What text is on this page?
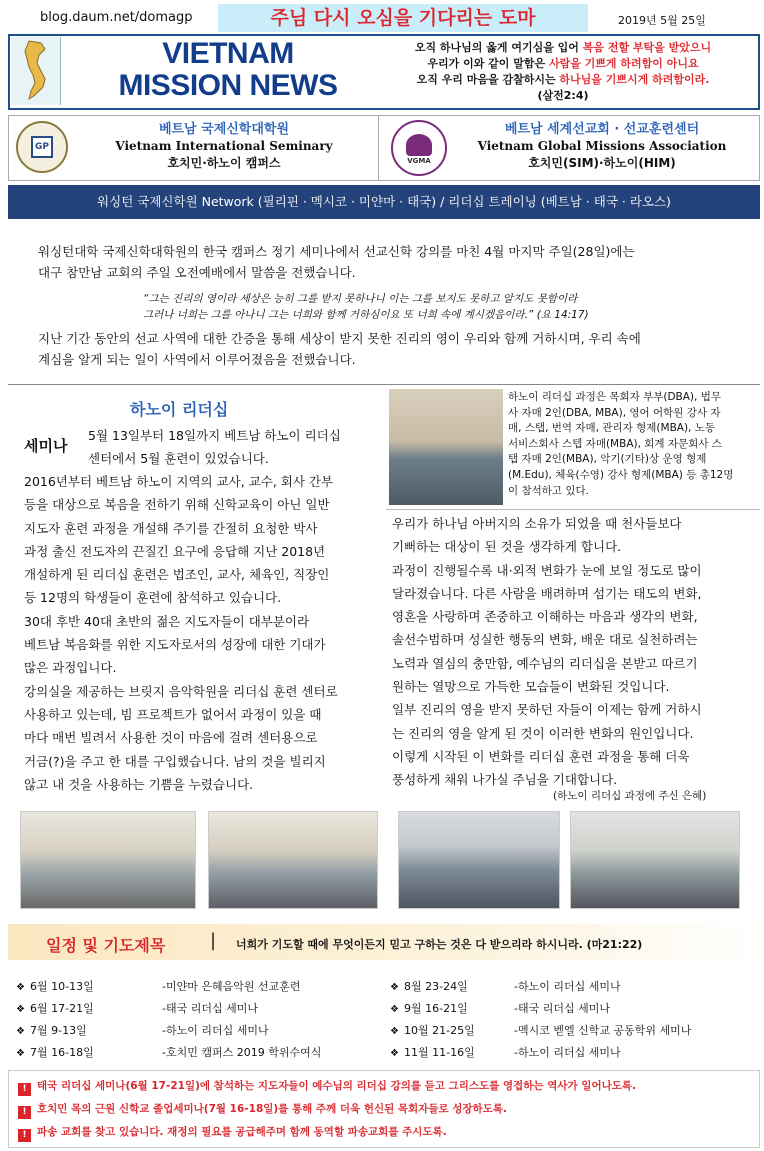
blog.daum.net/domagp	주님 다시 오심을 기다리는 도마	2019년 5월 25일
VIETNAM
MISSION NEWS
오직 하나님의 옳게 여기심을 입어 복음 전할 부탁을 받았으니
우리가 이와 같이 말함은 사람을 기쁘게 하려함이 아니요
오직 우리 마음을 감찰하시는 하나님을 기쁘시게 하려함이라.
(살전2:4)
GP
베트남 국제신학대학원
Vietnam International Seminary
호치민·하노이 캠퍼스	VGMA
베트남 세계선교회 · 선교훈련센터
Vietnam Global Missions Association
호치민(SIM)·하노이(HIM)
워싱턴 국제신학원 Network (필리핀 · 멕시코 · 미얀마 · 태국) / 리더십 트레이닝 (베트남 · 태국 · 라오스)
워싱턴대학 국제신학대학원의 한국 캠퍼스 정기 세미나에서 선교신학 강의를 마친 4월 마지막 주일(28일)에는
대구 참만남 교회의 주일 오전예배에서 말씀을 전했습니다.
“그는 진리의 영이라 세상은 능히 그를 받지 못하나니 이는 그를 보지도 못하고 알지도 못함이라
그러나 너희는 그를 아나니 그는 너희와 함께 거하심이요 또 너희 속에 계시겠음이라.” (요 14:17)
지난 기간 동안의 선교 사역에 대한 간증을 통해 세상이 받지 못한 진리의 영이 우리와 함께 거하시며, 우리 속에
계심을 알게 되는 일이 사역에서 이루어졌음을 전했습니다.
하노이 리더십
세미나
5월 13일부터 18일까지 베트남 하노이 리더십
센터에서 5월 훈련이 있었습니다.
2016년부터 베트남 하노이 지역의 교사, 교수, 회사 간부
등을 대상으로 복음을 전하기 위해 신학교육이 아닌 일반
지도자 훈련 과정을 개설해 주기를 간절히 요청한 박사
과정 출신 전도자의 끈질긴 요구에 응답해 지난 2018년
개설하게 된 리더십 훈련은 법조인, 교사, 체육인, 직장인
등 12명의 학생들이 훈련에 참석하고 있습니다.
30대 후반 40대 초반의 젊은 지도자들이 대부분이라
베트남 복음화를 위한 지도자로서의 성장에 대한 기대가
많은 과정입니다.
강의실을 제공하는 브릿지 음악학원을 리더십 훈련 센터로
사용하고 있는데, 빔 프로젝트가 없어서 과정이 있을 때
마다 매번 빌려서 사용한 것이 마음에 걸려 센터용으로
거금(?)을 주고 한 대를 구입했습니다. 남의 것을 빌리지
않고 내 것을 사용하는 기쁨을 누렸습니다.
하노이 리더십 과정은 목회자 부부(DBA), 법무
사 자매 2인(DBA, MBA), 영어 어학원 강사 자
매, 스탭, 번역 자매, 관리자 형제(MBA), 노동
서비스회사 스텝 자매(MBA), 회계 자문회사 스
탭 자매 2인(MBA), 악기(기타)상 운영 형제
(M.Edu), 체육(수영) 강사 형제(MBA) 등 총12명
이 참석하고 있다.
우리가 하나님 아버지의 소유가 되었을 때 천사들보다
기뻐하는 대상이 된 것을 생각하게 합니다.
과정이 진행될수록 내·외적 변화가 눈에 보일 정도로 많이
달라졌습니다. 다른 사람을 배려하며 섬기는 태도의 변화,
영혼을 사랑하며 존중하고 이해하는 마음과 생각의 변화,
솔선수범하며 성실한 행동의 변화, 배운 대로 실천하려는
노력과 열심의 충만함, 예수님의 리더십을 본받고 따르기
원하는 열망으로 가득한 모습들이 변화된 것입니다.
일부 진리의 영을 받지 못하던 자들이 이제는 함께 거하시
는 진리의 영을 알게 된 것이 이러한 변화의 원인입니다.
이렇게 시작된 이 변화를 리더십 훈련 과정을 통해 더욱
풍성하게 채워 나가실 주님을 기대합니다.
(하노이 리더십 과정에 주신 은혜)
일정 및 기도제목 | 너희가 기도할 때에 무엇이든지 믿고 구하는 것은 다 받으리라 하시니라. (마21:22)
❖ 6월 10-13일	-미얀마 은혜음악원 선교훈련
❖ 6월 17-21일	-태국 리더십 세미나
❖ 7월 9-13일	-하노이 리더십 세미나
❖ 7월 16-18일	-호치민 캠퍼스 2019 학위수여식
❖ 8월 23-24일	-하노이 리더십 세미나
❖ 9월 16-21일	-태국 리더십 세미나
❖ 10월 21-25일	-멕시코 벧엘 신학교 공동학위 세미나
❖ 11월 11-16일	-하노이 리더십 세미나
! 태국 리더십 세미나(6월 17-21일)에 참석하는 지도자들이 예수님의 리더십 강의를 듣고 그리스도를 영접하는 역사가 일어나도록.
! 호치민 목의 근원 신학교 졸업세미나(7월 16-18일)를 통해 주께 더욱 헌신된 목회자들로 성장하도록.
! 파송 교회를 찾고 있습니다. 재정의 필요를 공급해주며 함께 동역할 파송교회를 주시도록.
